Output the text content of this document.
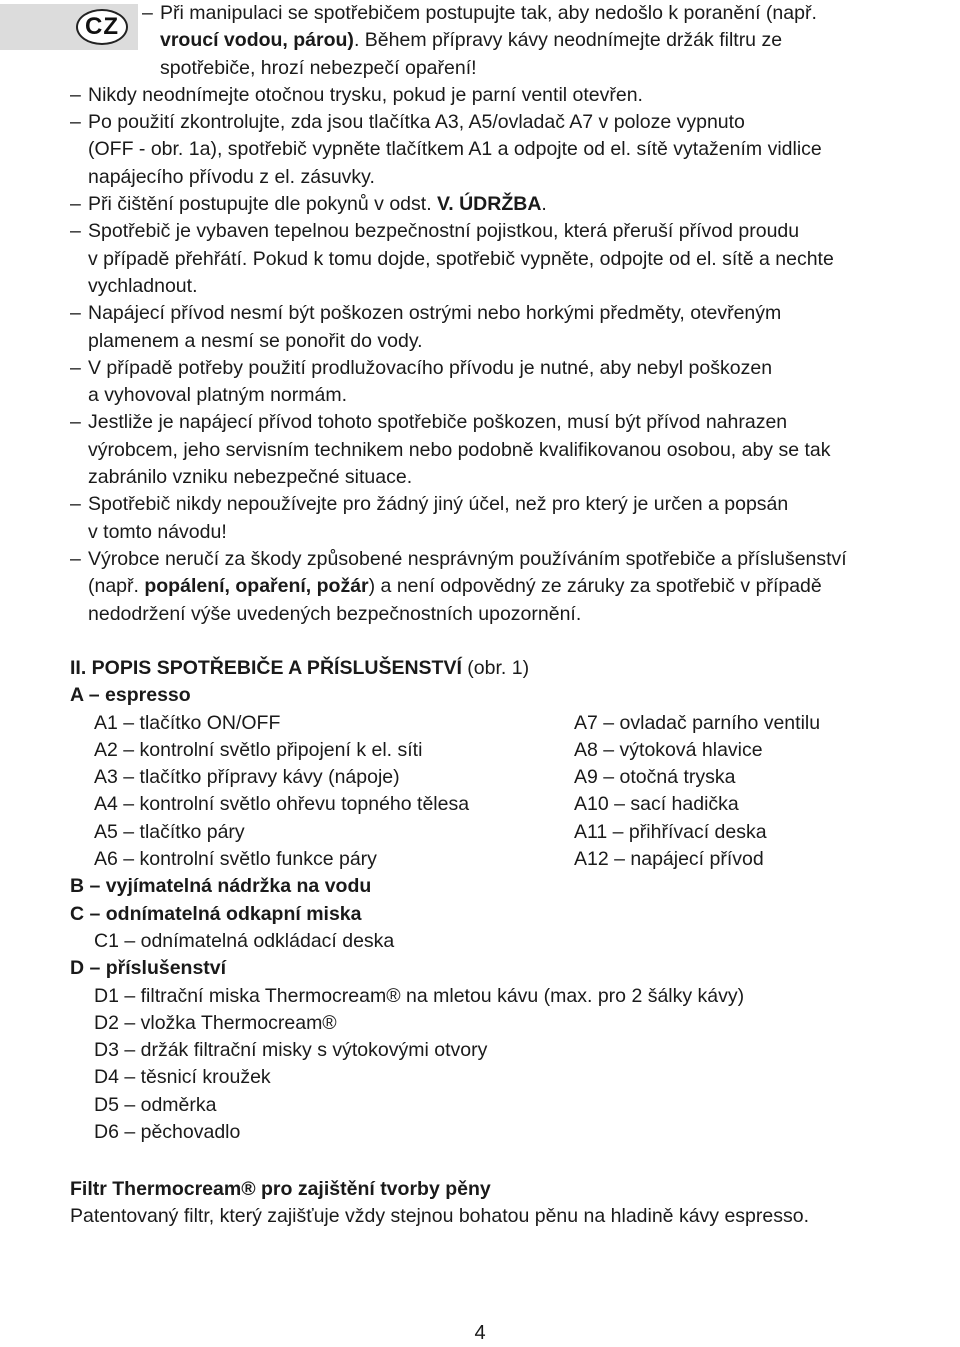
CZ
–	Při manipulaci se spotřebičem postupujte tak, aby nedošlo k poranění (např.
vroucí vodou, párou). Během přípravy kávy neodnímejte držák filtru ze
spotřebiče, hrozí nebezpečí opaření!
– Nikdy neodnímejte otočnou trysku, pokud je parní ventil otevřen.
– Po použití zkontrolujte, zda jsou tlačítka A3, A5/ovladač A7 v poloze vypnuto
(OFF - obr. 1a), spotřebič vypněte tlačítkem A1 a odpojte od el. sítě vytažením vidlice
napájecího přívodu z el. zásuvky.
– Při čištění postupujte dle pokynů v odst. V. ÚDRŽBA.
– Spotřebič je vybaven tepelnou bezpečnostní pojistkou, která přeruší přívod proudu
v případě přehřátí. Pokud k tomu dojde, spotřebič vypněte, odpojte od el. sítě a nechte
vychladnout.
– Napájecí přívod nesmí být poškozen ostrými nebo horkými předměty, otevřeným
plamenem a nesmí se ponořit do vody.
– V případě potřeby použití prodlužovacího přívodu je nutné, aby nebyl poškozen
a vyhovoval platným normám.
– Jestliže je napájecí přívod tohoto spotřebiče poškozen, musí být přívod nahrazen
výrobcem, jeho servisním technikem nebo podobně kvalifikovanou osobou, aby se tak
zabránilo vzniku nebezpečné situace.
– Spotřebič nikdy nepoužívejte pro žádný jiný účel, než pro který je určen a popsán
v tomto návodu!
– Výrobce neručí za škody způsobené nesprávným používáním spotřebiče a příslušenství
(např. popálení, opaření, požár) a není odpovědný ze záruky za spotřebič v případě
nedodržení výše uvedených bezpečnostních upozornění.
II. POPIS SPOTŘEBIČE A PŘÍSLUŠENSTVÍ (obr. 1)
A – espresso
A1 – tlačítko ON/OFF	A7 – ovladač parního ventilu
A2 – kontrolní světlo připojení k el. síti	A8 – výtoková hlavice
A3 – tlačítko přípravy kávy (nápoje)	A9 – otočná tryska
A4 – kontrolní světlo ohřevu topného tělesa	A10 – sací hadička
A5 – tlačítko páry	A11 – přihřívací deska
A6 – kontrolní světlo funkce páry	A12 – napájecí přívod
B – vyjímatelná nádržka na vodu
C – odnímatelná odkapní miska
C1 – odnímatelná odkládací deska
D – příslušenství
D1 – filtrační miska Thermocream® na mletou kávu (max. pro 2 šálky kávy)
D2 – vložka Thermocream®
D3 – držák filtrační misky s výtokovými otvory
D4 – těsnicí kroužek
D5 – odměrka
D6 – pěchovadlo
Filtr Thermocream® pro zajištění tvorby pěny
Patentovaný filtr, který zajišťuje vždy stejnou bohatou pěnu na hladině kávy espresso.
4
